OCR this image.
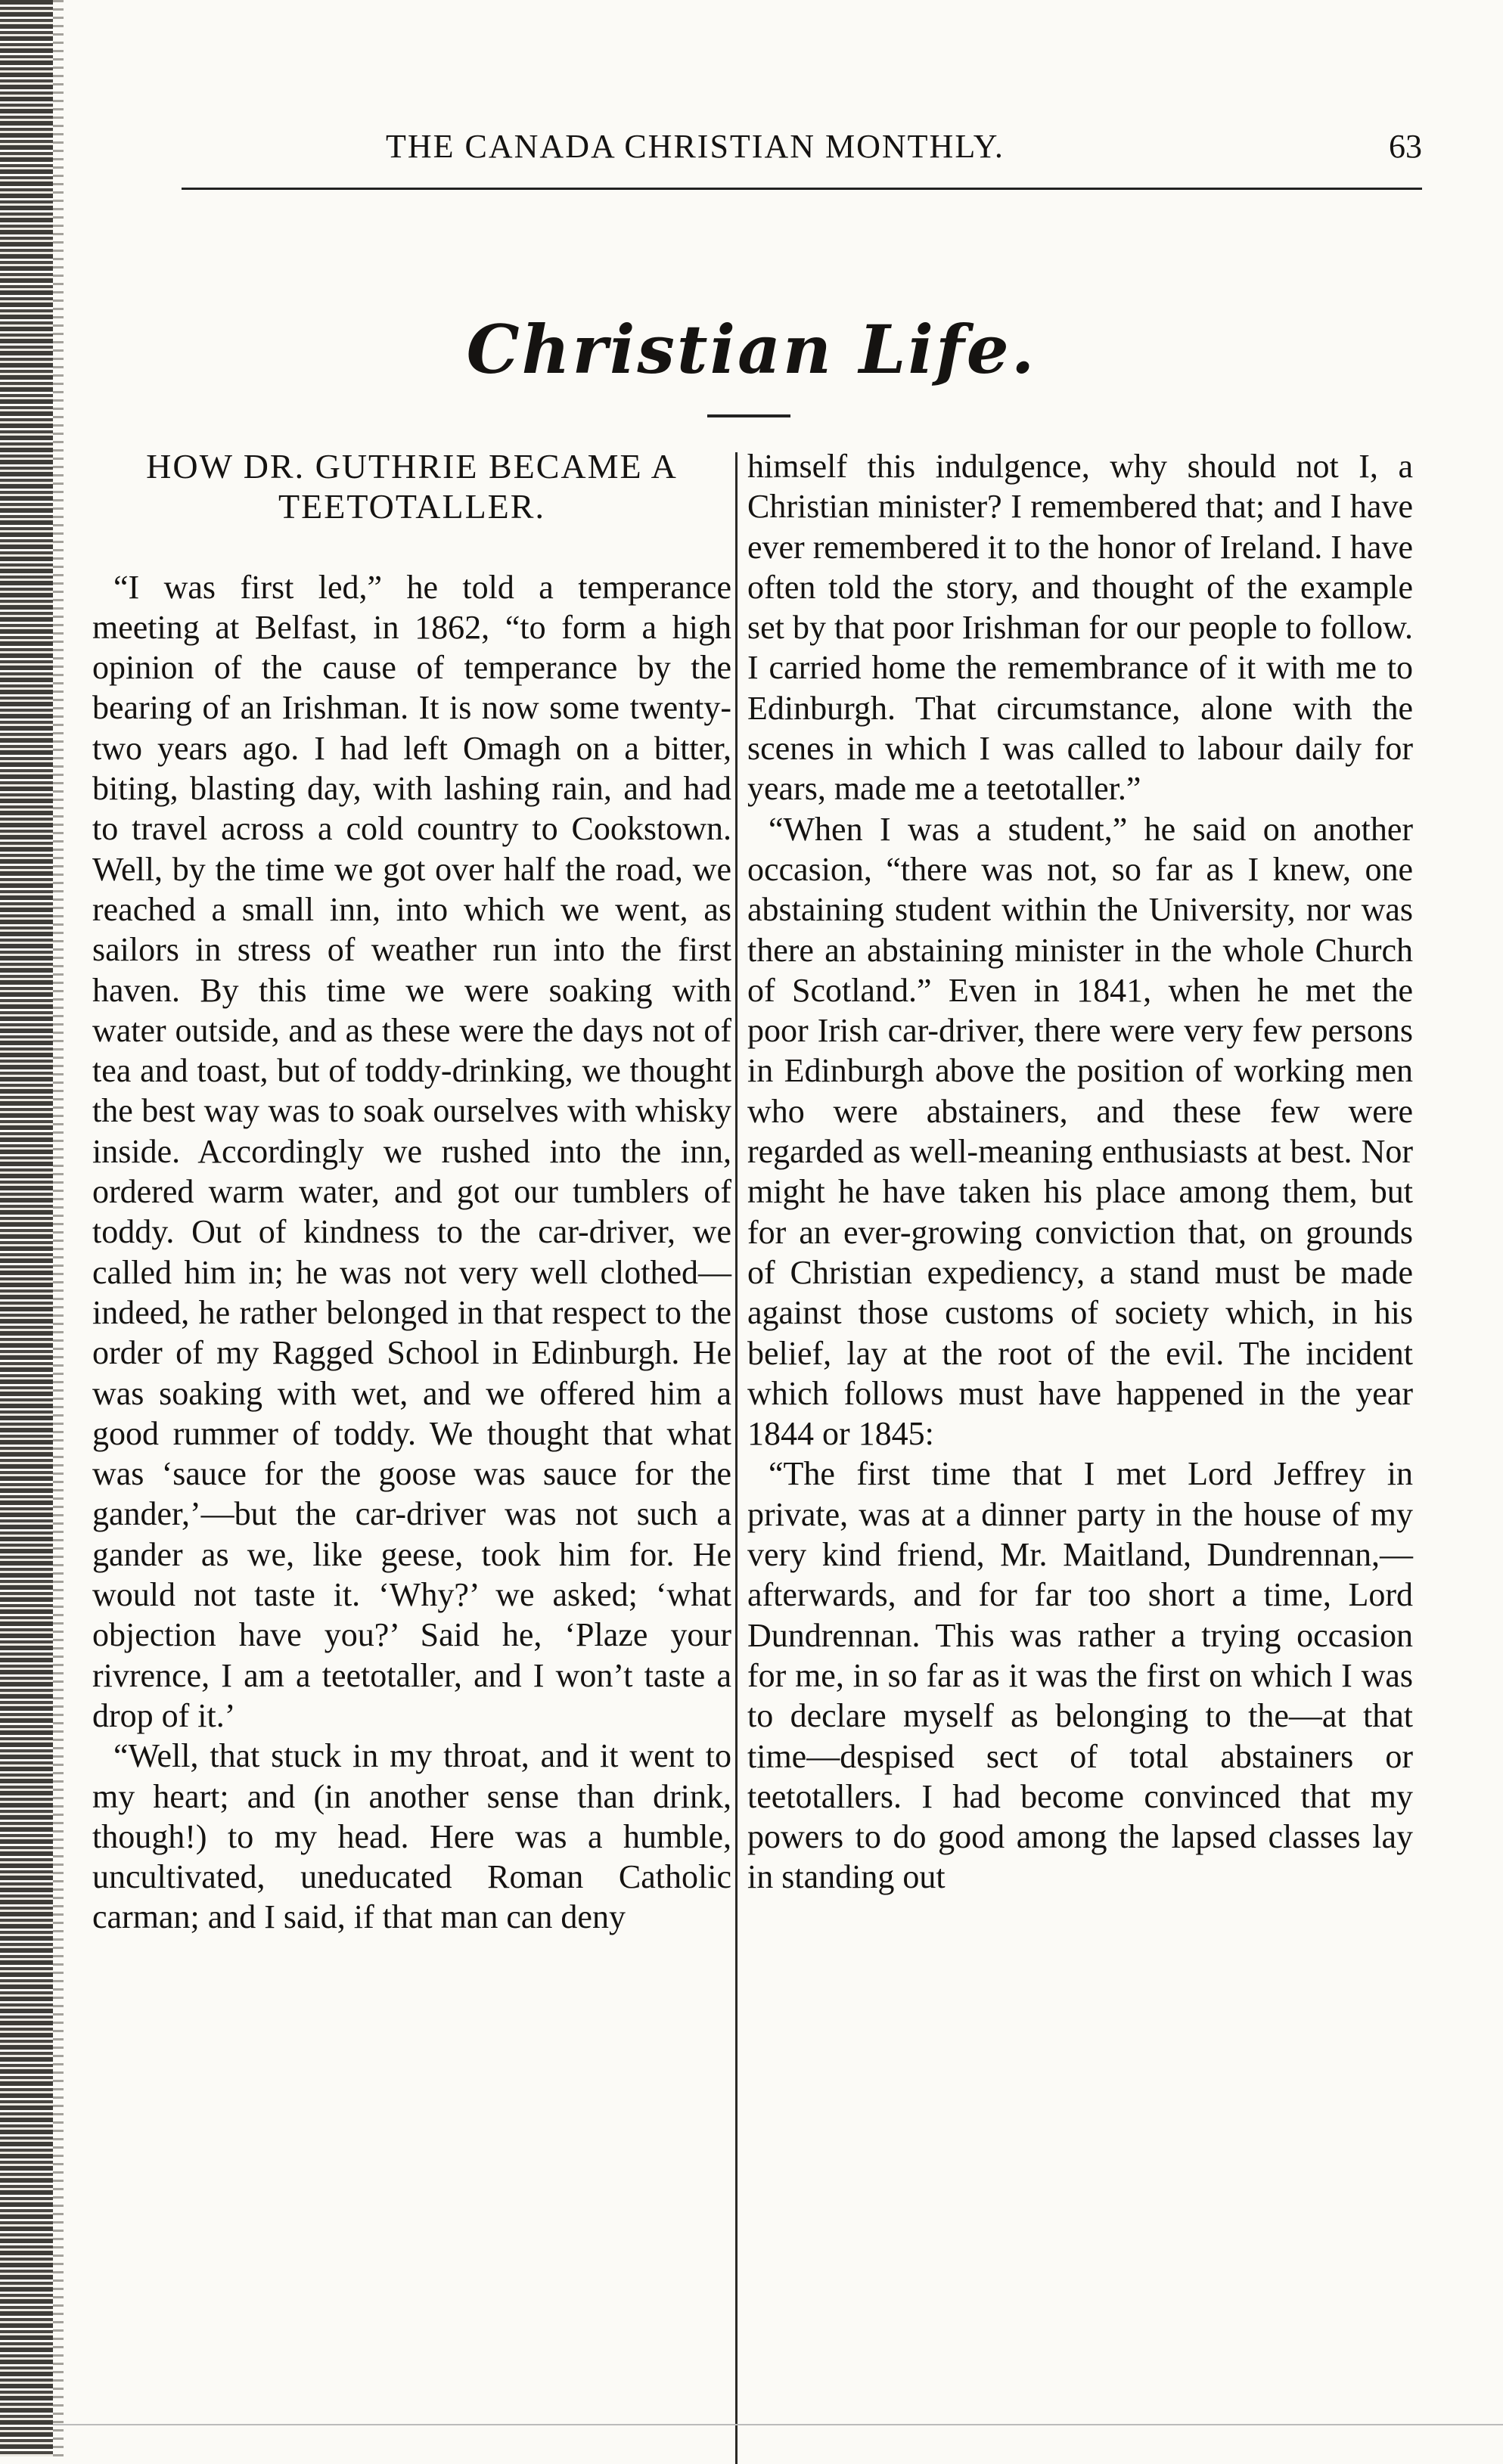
THE CANADA CHRISTIAN MONTHLY.	63
Christian Life.
HOW DR. GUTHRIE BECAME A TEETOTALLER.

“I was first led,” he told a temperance meeting at Belfast, in 1862, “to form a high opinion of the cause of temperance by the bearing of an Irishman. It is now some twenty-two years ago. I had left Omagh on a bitter, biting, blasting day, with lashing rain, and had to travel across a cold country to Cookstown. Well, by the time we got over half the road, we reached a small inn, into which we went, as sailors in stress of weather run into the first haven. By this time we were soaking with water outside, and as these were the days not of tea and toast, but of toddy-drinking, we thought the best way was to soak ourselves with whisky inside. Accordingly we rushed into the inn, ordered warm water, and got our tumblers of toddy. Out of kindness to the car-driver, we called him in; he was not very well clothed—indeed, he rather belonged in that respect to the order of my Ragged School in Edinburgh. He was soaking with wet, and we offered him a good rummer of toddy. We thought that what was ‘sauce for the goose was sauce for the gander,’—but the car-driver was not such a gander as we, like geese, took him for. He would not taste it. ‘Why?’ we asked; ‘what objection have you?’ Said he, ‘Plaze your rivrence, I am a teetotaller, and I won’t taste a drop of it.’

“Well, that stuck in my throat, and it went to my heart; and (in another sense than drink, though!) to my head. Here was a humble, uncultivated, uneducated Roman Catholic carman; and I said, if that man can deny

himself this indulgence, why should not I, a Christian minister? I remembered that; and I have ever remembered it to the honor of Ireland. I have often told the story, and thought of the example set by that poor Irishman for our people to follow. I carried home the remembrance of it with me to Edinburgh. That circumstance, alone with the scenes in which I was called to labour daily for years, made me a teetotaller.”

“When I was a student,” he said on another occasion, “there was not, so far as I knew, one abstaining student within the University, nor was there an abstaining minister in the whole Church of Scotland.” Even in 1841, when he met the poor Irish car-driver, there were very few persons in Edinburgh above the position of working men who were abstainers, and these few were regarded as well-meaning enthusiasts at best. Nor might he have taken his place among them, but for an ever-growing conviction that, on grounds of Christian expediency, a stand must be made against those customs of society which, in his belief, lay at the root of the evil. The incident which follows must have happened in the year 1844 or 1845:

“The first time that I met Lord Jeffrey in private, was at a dinner party in the house of my very kind friend, Mr. Maitland, Dundrennan,—afterwards, and for far too short a time, Lord Dundrennan. This was rather a trying occasion for me, in so far as it was the first on which I was to declare myself as belonging to the—at that time—despised sect of total abstainers or teetotallers. I had become convinced that my powers to do good among the lapsed classes lay in standing out
